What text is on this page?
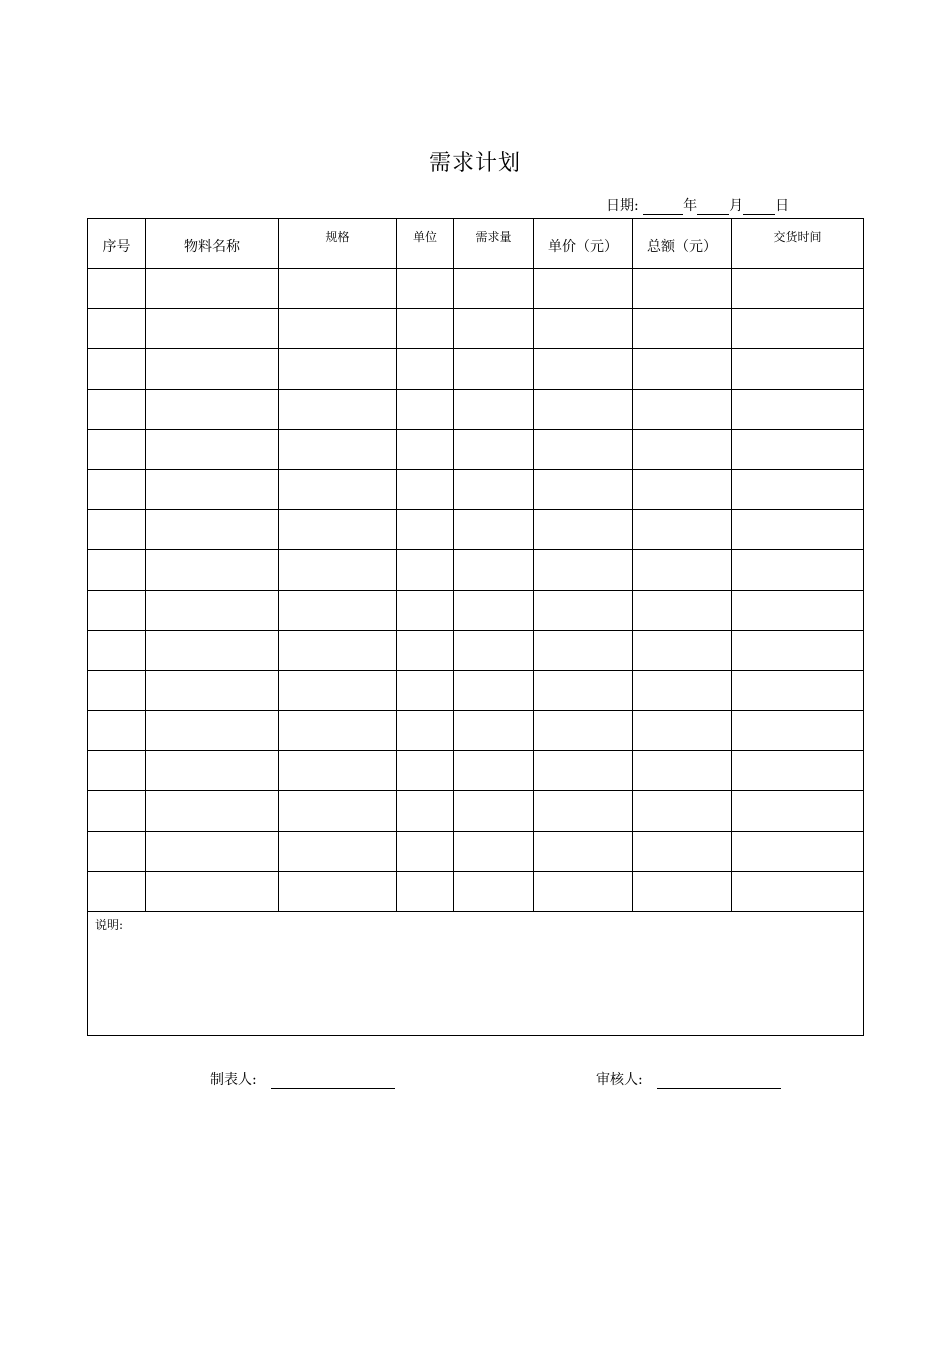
需求计划
日期:	年 月 日
序号	物料名称	规格	单位	需求量	单价（元）	总额（元）	交货时间

说明:							
制表人:	审核人:
